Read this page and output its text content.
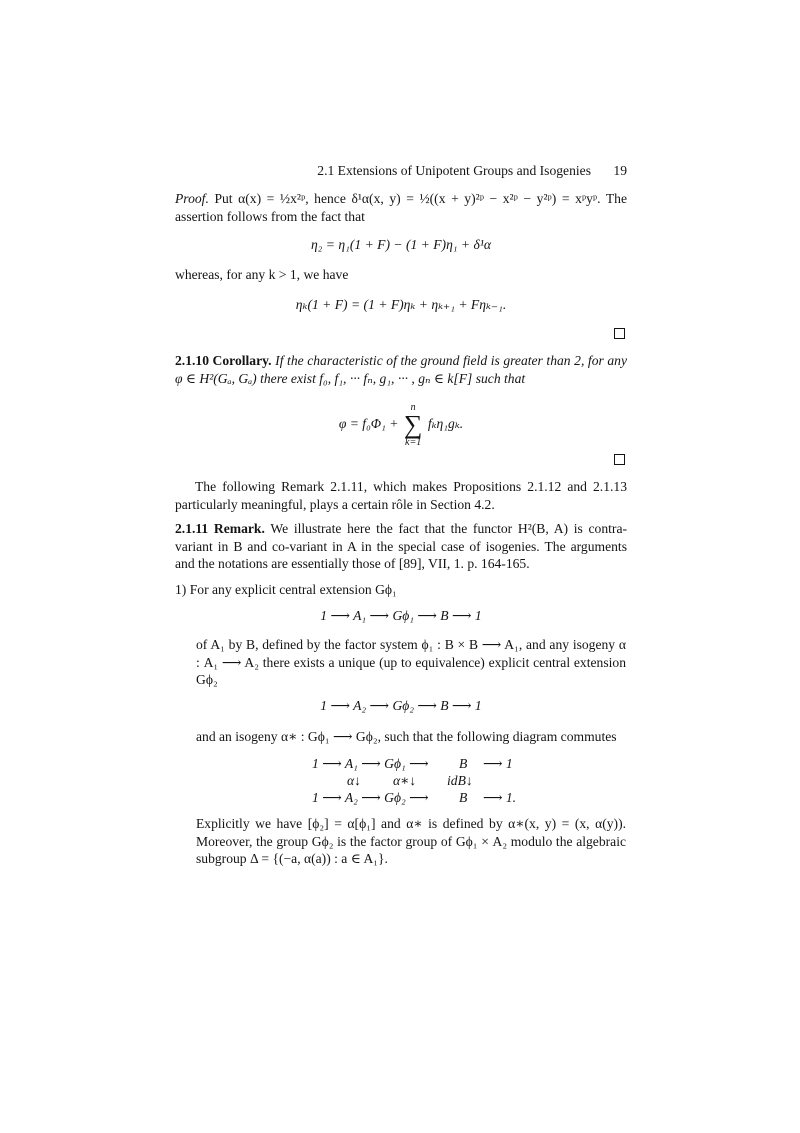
2.1 Extensions of Unipotent Groups and Isogenies 19
Proof. Put α(x) = ½x²ᵖ, hence δ¹α(x, y) = ½((x + y)²ᵖ − x²ᵖ − y²ᵖ) = xᵖyᵖ. The assertion follows from the fact that
η₂ = η₁(1 + F) − (1 + F)η₁ + δ¹α
whereas, for any k > 1, we have
ηₖ(1 + F) = (1 + F)ηₖ + ηₖ₊₁ + Fηₖ₋₁.
2.1.10 Corollary. If the characteristic of the ground field is greater than 2, for any φ ∈ H²(Gₐ, Gₐ) there exist f₀, f₁, ··· fₙ, g₁, ··· , gₙ ∈ k[F] such that
φ = f₀Φ₁ + n
∑
k=1 fₖη₁gₖ.
The following Remark 2.1.11, which makes Propositions 2.1.12 and 2.1.13 particularly meaningful, plays a certain rôle in Section 4.2.
2.1.11 Remark. We illustrate here the fact that the functor H²(B, A) is contra-variant in B and co-variant in A in the special case of isogenies. The arguments and the notations are essentially those of [89], VII, 1. p. 164-165.
1) For any explicit central extension Gϕ₁
1 ⟶ A₁ ⟶ Gϕ₁ ⟶ B ⟶ 1
of A₁ by B, defined by the factor system ϕ₁ : B × B ⟶ A₁, and any isogeny α : A₁ ⟶ A₂ there exists a unique (up to equivalence) explicit central extension Gϕ₂
1 ⟶ A₂ ⟶ Gϕ₂ ⟶ B ⟶ 1
and an isogeny α∗ : Gϕ₁ ⟶ Gϕ₂, such that the following diagram commutes
1 ⟶ A₁ ⟶ Gϕ₁ ⟶ B ⟶ 1
α↓ α∗↓ idB↓
1 ⟶ A₂ ⟶ Gϕ₂ ⟶ B ⟶ 1.
Explicitly we have [ϕ₂] = α[ϕ₁] and α∗ is defined by α∗(x, y) = (x, α(y)). Moreover, the group Gϕ₂ is the factor group of Gϕ₁ × A₂ modulo the algebraic subgroup Δ = {(−a, α(a)) : a ∈ A₁}.
